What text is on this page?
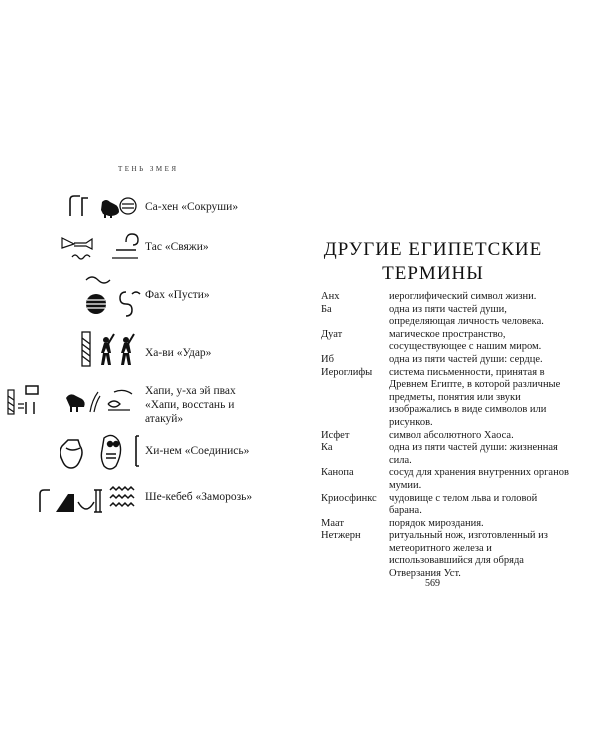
ТЕНЬ ЗМЕЯ
Са-хен «Сокруши»
Тас «Свяжи»
Фах «Пусти»
Ха-ви «Удар»
Хапи, у-ха эй пвах «Хапи, восстань и атакуй»
Хи-нем «Соединись»
Ше-кебеб «Заморозь»
ДРУГИЕ ЕГИПЕТСКИЕ ТЕРМИНЫ
Анх	иероглифический символ жизни.
Ба	одна из пяти частей души, определяющая личность человека.
Дуат	магическое пространство, сосуществующее с нашим миром.
Иб	одна из пяти частей души: сердце.
Иероглифы	система письменности, принятая в Древнем Египте, в которой различные предметы, понятия или звуки изображались в виде символов или рисунков.
Исфет	символ абсолютного Хаоса.
Ка	одна из пяти частей души: жизненная сила.
Канопа	сосуд для хранения внутренних органов мумии.
Криосфинкс	чудовище с телом льва и головой барана.
Маат	порядок мироздания.
Нетжерн	ритуальный нож, изготовленный из метеоритного железа и использовавшийся для обряда Отверзания Уст.
569
